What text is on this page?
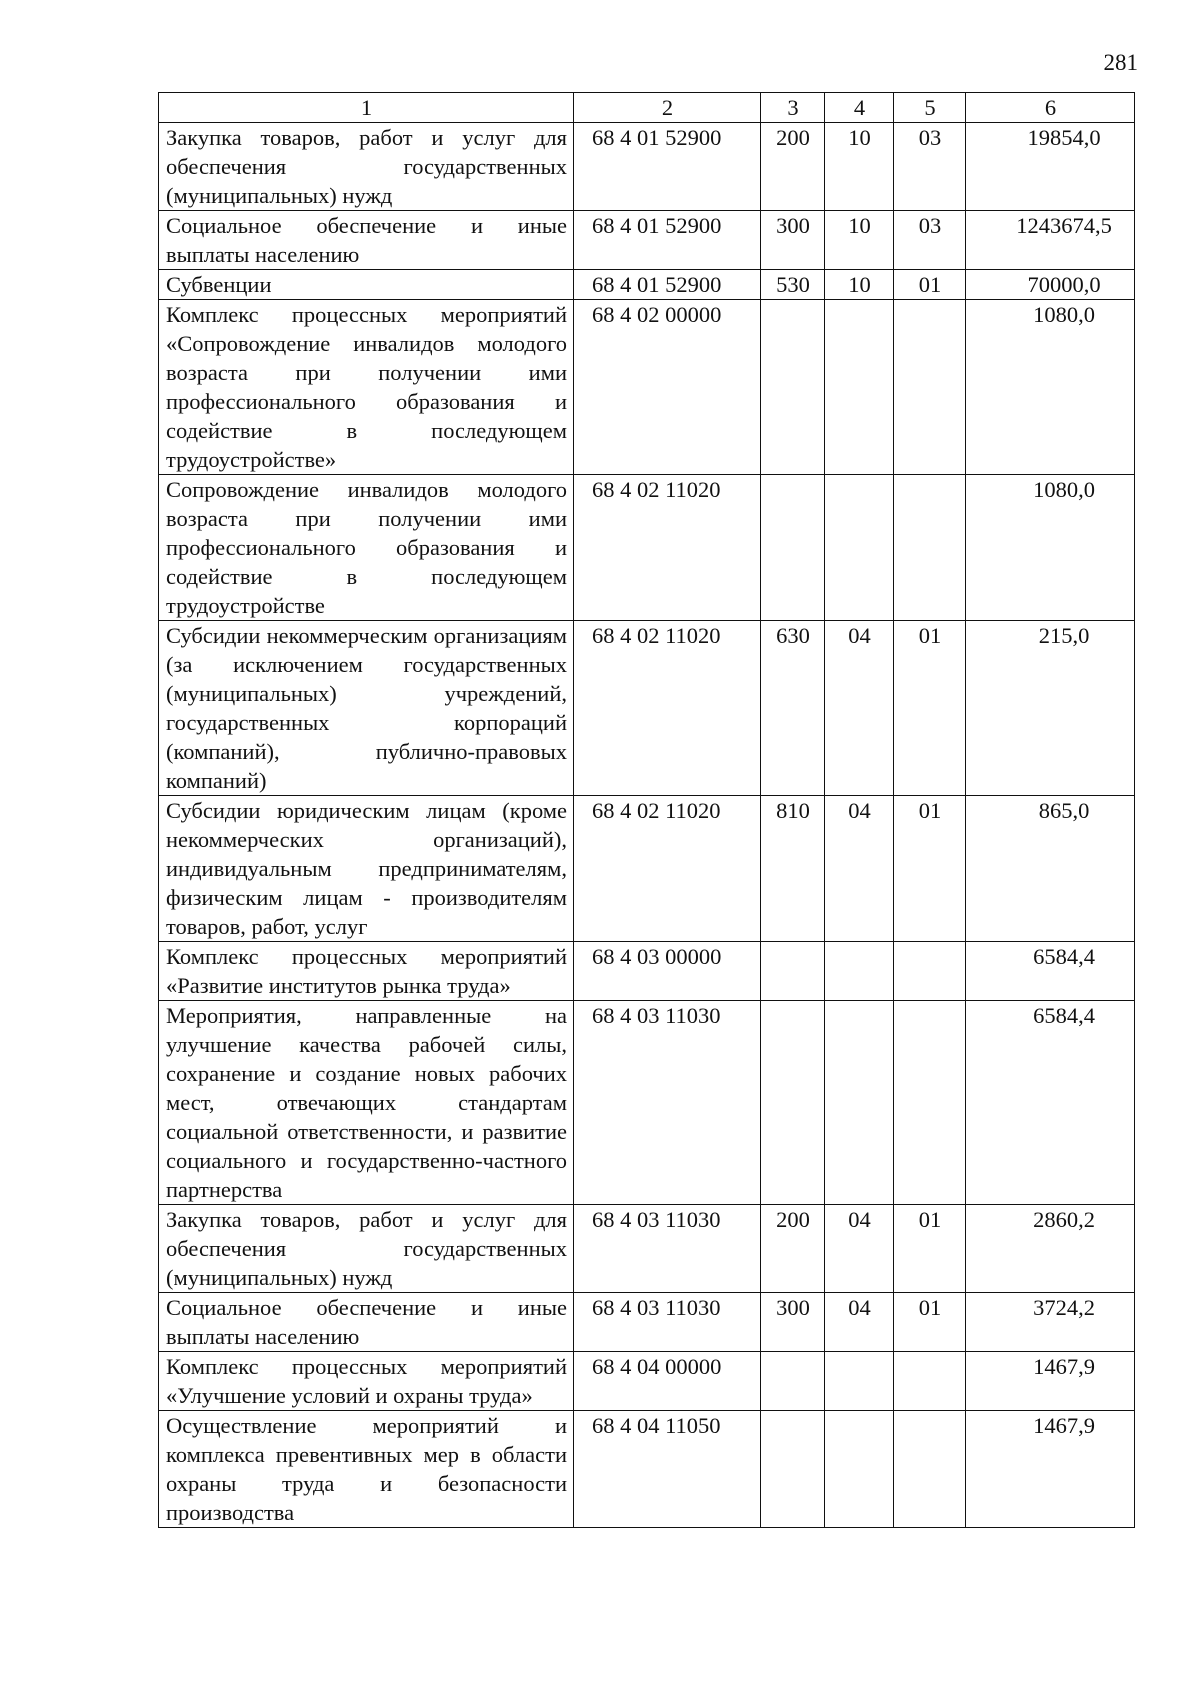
281
1	2	3	4	5	6
Закупка товаров, работ и услуг для обеспечения государственных (муниципальных) нужд	68 4 01 52900	200	10	03	19854,0
Социальное обеспечение и иные выплаты населению	68 4 01 52900	300	10	03	1243674,5
Субвенции	68 4 01 52900	530	10	01	70000,0
Комплекс процессных мероприятий «Сопровождение инвалидов молодого возраста при получении ими профессионального образования и содействие в последующем трудоустройстве»	68 4 02 00000				1080,0
Сопровождение инвалидов молодого возраста при получении ими профессионального образования и содействие в последующем трудоустройстве	68 4 02 11020				1080,0
Субсидии некоммерческим организациям (за исключением государственных (муниципальных) учреждений, государственных корпораций (компаний), публично-правовых компаний)	68 4 02 11020	630	04	01	215,0
Субсидии юридическим лицам (кроме некоммерческих организаций), индивидуальным предпринимателям, физическим лицам - производителям товаров, работ, услуг	68 4 02 11020	810	04	01	865,0
Комплекс процессных мероприятий «Развитие институтов рынка труда»	68 4 03 00000				6584,4
Мероприятия, направленные на улучшение качества рабочей силы, сохранение и создание новых рабочих мест, отвечающих стандартам социальной ответственности, и развитие социального и государственно-частного партнерства	68 4 03 11030				6584,4
Закупка товаров, работ и услуг для обеспечения государственных (муниципальных) нужд	68 4 03 11030	200	04	01	2860,2
Социальное обеспечение и иные выплаты населению	68 4 03 11030	300	04	01	3724,2
Комплекс процессных мероприятий «Улучшение условий и охраны труда»	68 4 04 00000				1467,9
Осуществление мероприятий и комплекса превентивных мер в области охраны труда и безопасности производства	68 4 04 11050				1467,9
